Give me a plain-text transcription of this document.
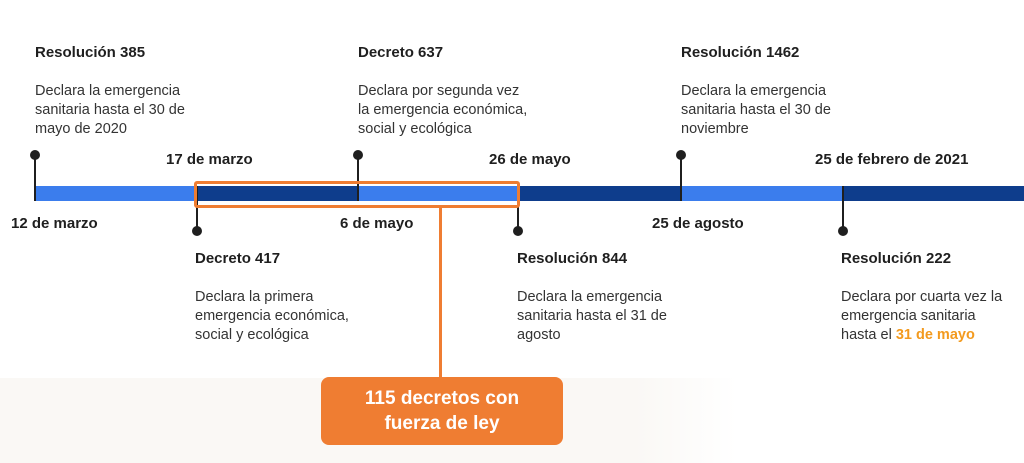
115 decretos con
fuerza de ley
Resolución 385
Declara la emergencia
sanitaria hasta el 30 de
mayo de 2020
Decreto 637
Declara por segunda vez
la emergencia económica,
social y ecológica
Resolución 1462
Declara la emergencia
sanitaria hasta el 30 de
noviembre
17 de marzo	26 de mayo	25 de febrero de 2021
12 de marzo	6 de mayo	25 de agosto
Decreto 417
Declara la primera
emergencia económica,
social y ecológica
Resolución 844
Declara la emergencia
sanitaria hasta el 31 de
agosto
Resolución 222
Declara por cuarta vez la
emergencia sanitaria
hasta el 31 de mayo
